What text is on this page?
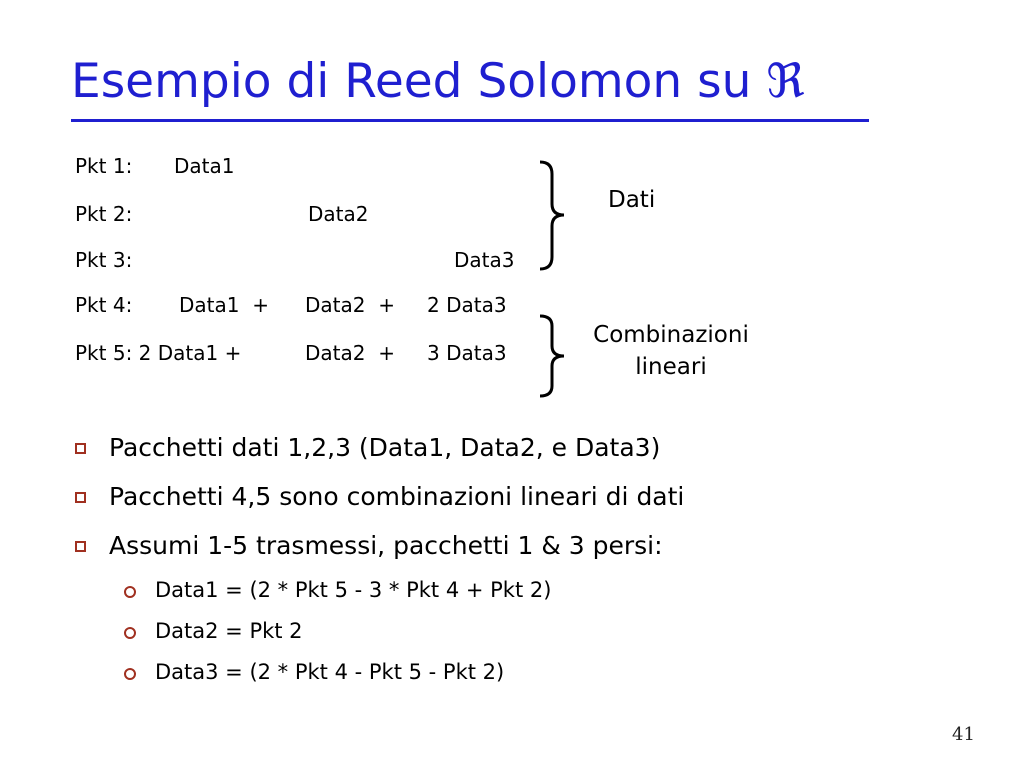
Esempio di Reed Solomon su ℜ
Pkt 1: Data1
Pkt 2:	Data2
Pkt 3:	Data3
Pkt 4: Data1  + Data2  + 2 Data3
Pkt 5: 2 Data1 +	Data2  + 3 Data3
Dati
Combinazioni
lineari
Pacchetti dati 1,2,3 (Data1, Data2, e Data3)
Pacchetti 4,5 sono combinazioni lineari di dati
Assumi 1-5 trasmessi, pacchetti 1 & 3 persi:
Data1 = (2 * Pkt 5 - 3 * Pkt 4 + Pkt 2)
Data2 = Pkt 2
Data3 = (2 * Pkt 4 - Pkt 5 - Pkt 2)
41
